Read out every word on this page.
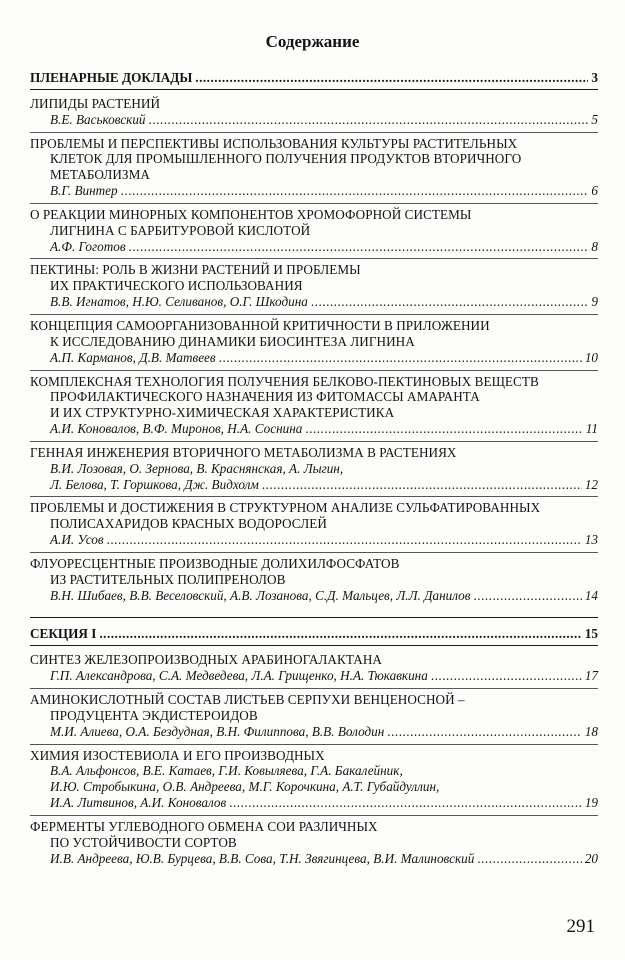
Содержание
ПЛЕНАРНЫЕ ДОКЛАДЫ .....	3
ЛИПИДЫ РАСТЕНИЙ
В.Е. Васьковский .....	5
ПРОБЛЕМЫ И ПЕРСПЕКТИВЫ ИСПОЛЬЗОВАНИЯ КУЛЬТУРЫ РАСТИТЕЛЬНЫХ
КЛЕТОК ДЛЯ ПРОМЫШЛЕННОГО ПОЛУЧЕНИЯ ПРОДУКТОВ ВТОРИЧНОГО
МЕТАБОЛИЗМА
В.Г. Винтер .....	6
О РЕАКЦИИ МИНОРНЫХ КОМПОНЕНТОВ ХРОМОФОРНОЙ СИСТЕМЫ
ЛИГНИНА С БАРБИТУРОВОЙ КИСЛОТОЙ
А.Ф. Гоготов .....	8
ПЕКТИНЫ: РОЛЬ В ЖИЗНИ РАСТЕНИЙ И ПРОБЛЕМЫ
ИХ ПРАКТИЧЕСКОГО ИСПОЛЬЗОВАНИЯ
В.В. Игнатов, Н.Ю. Селиванов, О.Г. Шкодина .....	9
КОНЦЕПЦИЯ САМООРГАНИЗОВАННОЙ КРИТИЧНОСТИ В ПРИЛОЖЕНИИ
К ИССЛЕДОВАНИЮ ДИНАМИКИ БИОСИНТЕЗА ЛИГНИНА
А.П. Карманов, Д.В. Матвеев .....	10
КОМПЛЕКСНАЯ ТЕХНОЛОГИЯ ПОЛУЧЕНИЯ БЕЛКОВО-ПЕКТИНОВЫХ ВЕЩЕСТВ
ПРОФИЛАКТИЧЕСКОГО НАЗНАЧЕНИЯ ИЗ ФИТОМАССЫ АМАРАНТА
И ИХ СТРУКТУРНО-ХИМИЧЕСКАЯ ХАРАКТЕРИСТИКА
А.И. Коновалов, В.Ф. Миронов, Н.А. Соснина .....	11
ГЕННАЯ ИНЖЕНЕРИЯ ВТОРИЧНОГО МЕТАБОЛИЗМА В РАСТЕНИЯХ
В.И. Лозовая, О. Зернова, В. Краснянская, А. Лыгин,
Л. Белова, Т. Горшкова, Дж. Видхолм .....	12
ПРОБЛЕМЫ И ДОСТИЖЕНИЯ В СТРУКТУРНОМ АНАЛИЗЕ СУЛЬФАТИРОВАННЫХ
ПОЛИСАХАРИДОВ КРАСНЫХ ВОДОРОСЛЕЙ
А.И. Усов .....	13
ФЛУОРЕСЦЕНТНЫЕ ПРОИЗВОДНЫЕ ДОЛИХИЛФОСФАТОВ
ИЗ РАСТИТЕЛЬНЫХ ПОЛИПРЕНОЛОВ
В.Н. Шибаев, В.В. Веселовский, А.В. Лозанова, С.Д. Мальцев, Л.Л. Данилов .....	14
СЕКЦИЯ I .....	15
СИНТЕЗ ЖЕЛЕЗОПРОИЗВОДНЫХ АРАБИНОГАЛАКТАНА
Г.П. Александрова, С.А. Медведева, Л.А. Грищенко, Н.А. Тюкавкина .....	17
АМИНОКИСЛОТНЫЙ СОСТАВ ЛИСТЬЕВ СЕРПУХИ ВЕНЦЕНОСНОЙ –
ПРОДУЦЕНТА ЭКДИСТЕРОИДОВ
М.И. Алиева, О.А. Бездудная, В.Н. Филиппова, В.В. Володин .....	18
ХИМИЯ ИЗОСТЕВИОЛА И ЕГО ПРОИЗВОДНЫХ
В.А. Альфонсов, В.Е. Катаев, Г.И. Ковыляева, Г.А. Бакалейник,
И.Ю. Стробыкина, О.В. Андреева, М.Г. Корочкина, А.Т. Губайдуллин,
И.А. Литвинов, А.И. Коновалов .....	19
ФЕРМЕНТЫ УГЛЕВОДНОГО ОБМЕНА СОИ РАЗЛИЧНЫХ
ПО УСТОЙЧИВОСТИ СОРТОВ
И.В. Андреева, Ю.В. Бурцева, В.В. Сова, Т.Н. Звягинцева, В.И. Малиновский .....	20
291
